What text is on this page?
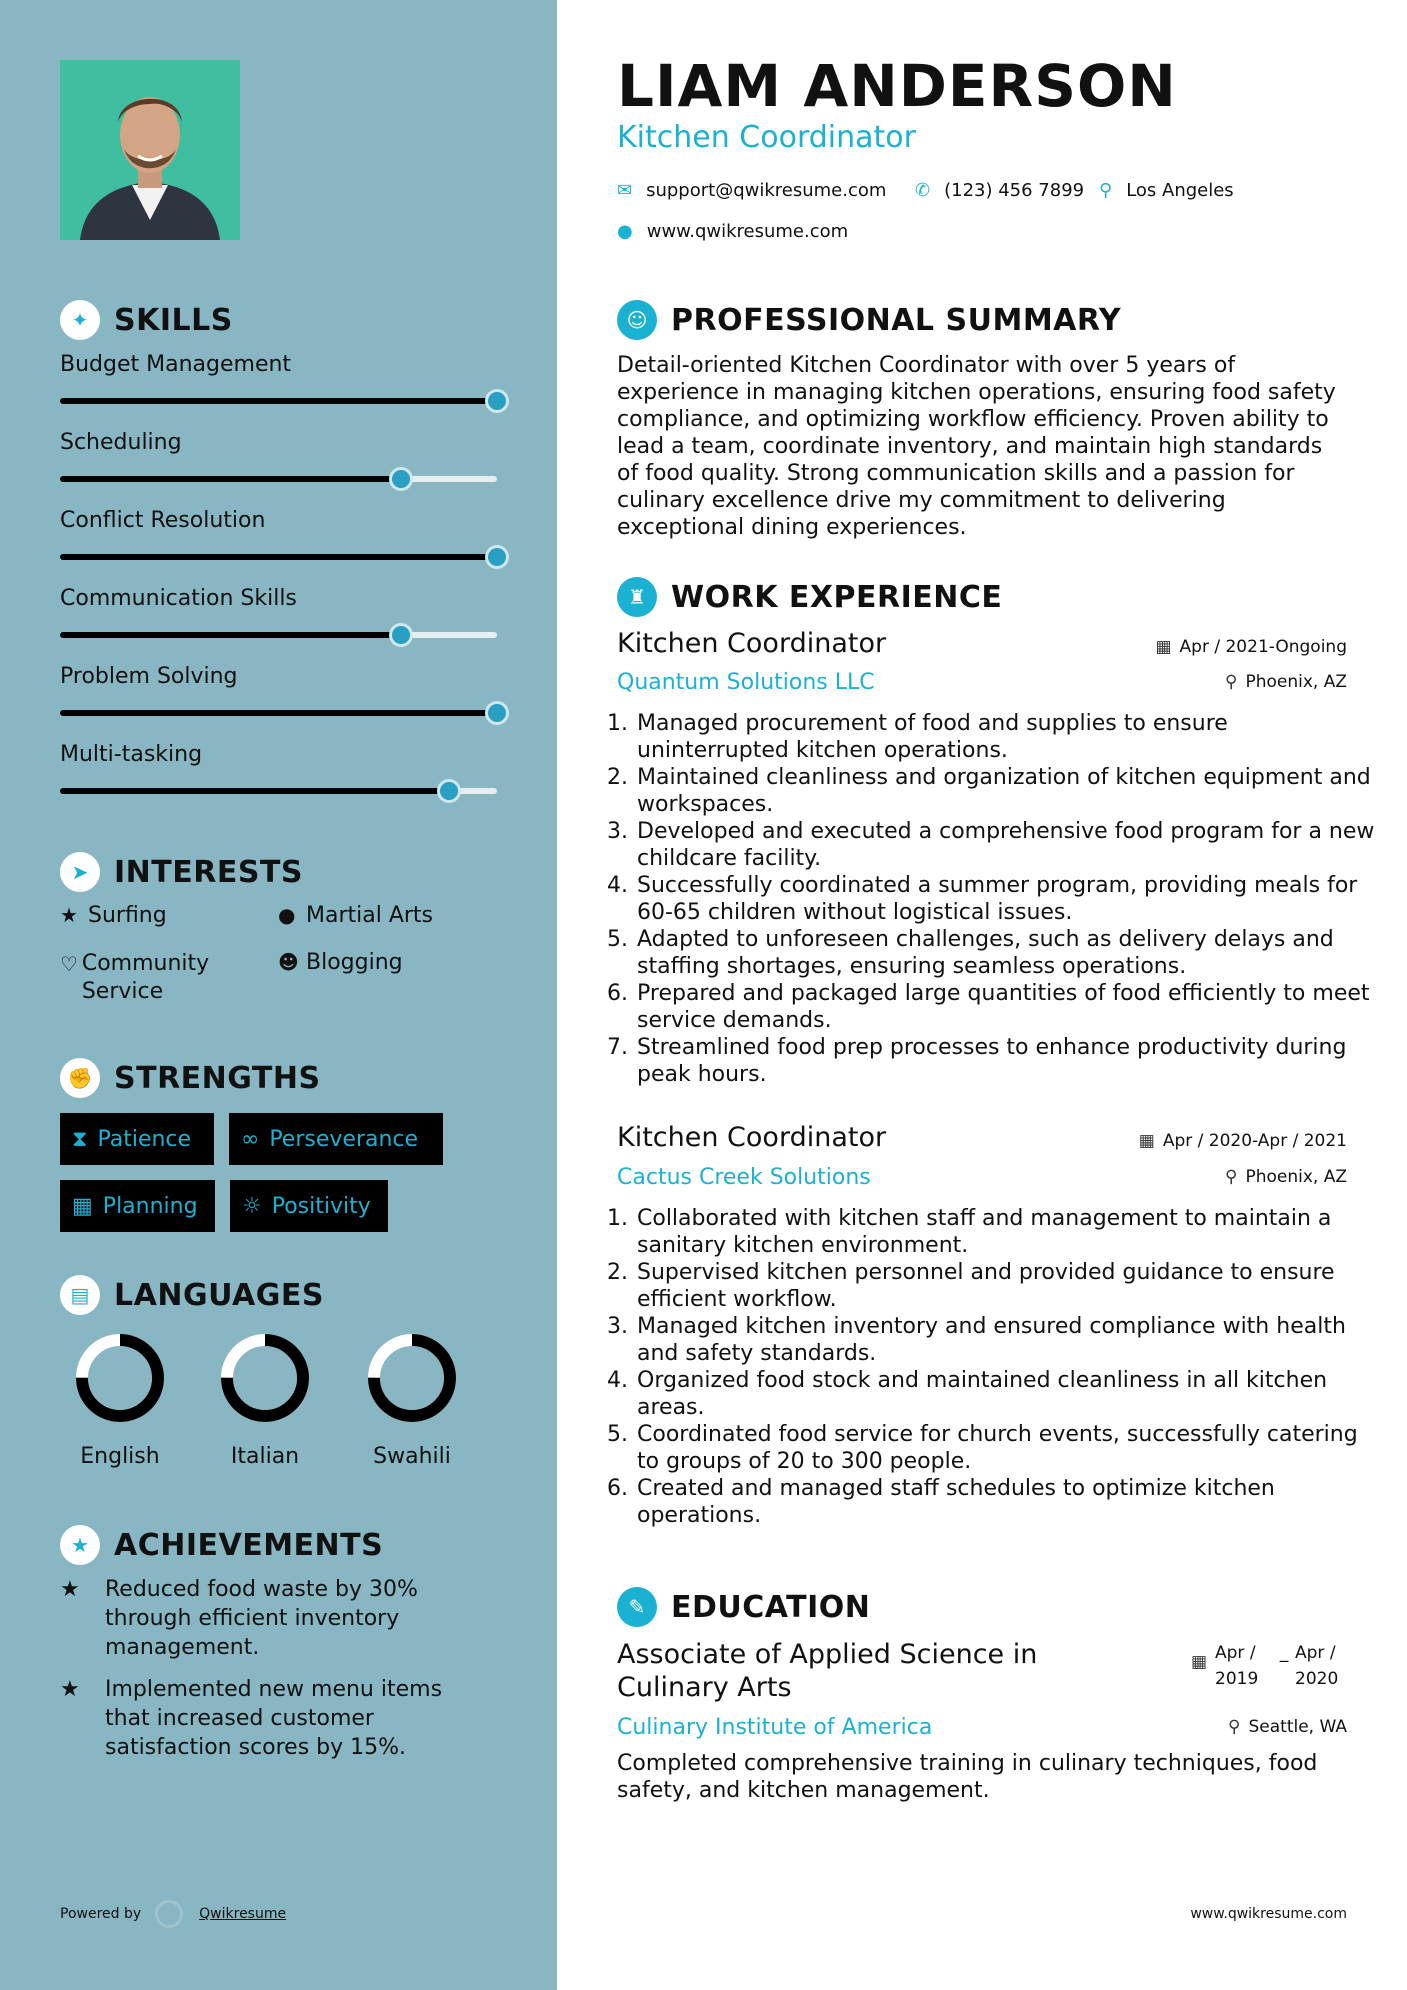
✦ SKILLS
Budget Management
Scheduling
Conflict Resolution
Communication Skills
Problem Solving
Multi-tasking
➤ INTERESTS
★ Surfing	● Martial Arts
♡ Community Service
☻ Blogging
✊ STRENGTHS
⧗ Patience ∞ Perseverance
▦ Planning ☼ Positivity
▤ LANGUAGES
English	Italian	Swahili
★ ACHIEVEMENTS
★	Reduced food waste by 30% through efficient inventory management.
★	Implemented new menu items that increased customer satisfaction scores by 15%.
Powered by	Qwikresume
LIAM ANDERSON
Kitchen Coordinator
✉ support@qwikresume.com ✆ (123) 456 7899 ⚲ Los Angeles
● www.qwikresume.com
☺ PROFESSIONAL SUMMARY
Detail-oriented Kitchen Coordinator with over 5 years of experience in managing kitchen operations, ensuring food safety compliance, and optimizing workflow efficiency. Proven ability to lead a team, coordinate inventory, and maintain high standards of food quality. Strong communication skills and a passion for culinary excellence drive my commitment to delivering exceptional dining experiences.
♜ WORK EXPERIENCE
Kitchen Coordinator	▦ Apr / 2021-Ongoing
Quantum Solutions LLC	⚲ Phoenix, AZ
1. Managed procurement of food and supplies to ensure uninterrupted kitchen operations.
2. Maintained cleanliness and organization of kitchen equipment and workspaces.
3. Developed and executed a comprehensive food program for a new childcare facility.
4. Successfully coordinated a summer program, providing meals for 60-65 children without logistical issues.
5. Adapted to unforeseen challenges, such as delivery delays and staffing shortages, ensuring seamless operations.
6. Prepared and packaged large quantities of food efficiently to meet service demands.
7. Streamlined food prep processes to enhance productivity during peak hours.
Kitchen Coordinator	▦ Apr / 2020-Apr / 2021
Cactus Creek Solutions	⚲ Phoenix, AZ
1. Collaborated with kitchen staff and management to maintain a sanitary kitchen environment.
2. Supervised kitchen personnel and provided guidance to ensure efficient workflow.
3. Managed kitchen inventory and ensured compliance with health and safety standards.
4. Organized food stock and maintained cleanliness in all kitchen areas.
5. Coordinated food service for church events, successfully catering to groups of 20 to 300 people.
6. Created and managed staff schedules to optimize kitchen operations.
✎ EDUCATION
Associate of Applied Science in Culinary Arts
▦ Apr / 2019
_ Apr / 2020
Culinary Institute of America	⚲ Seattle, WA
Completed comprehensive training in culinary techniques, food safety, and kitchen management.
www.qwikresume.com
